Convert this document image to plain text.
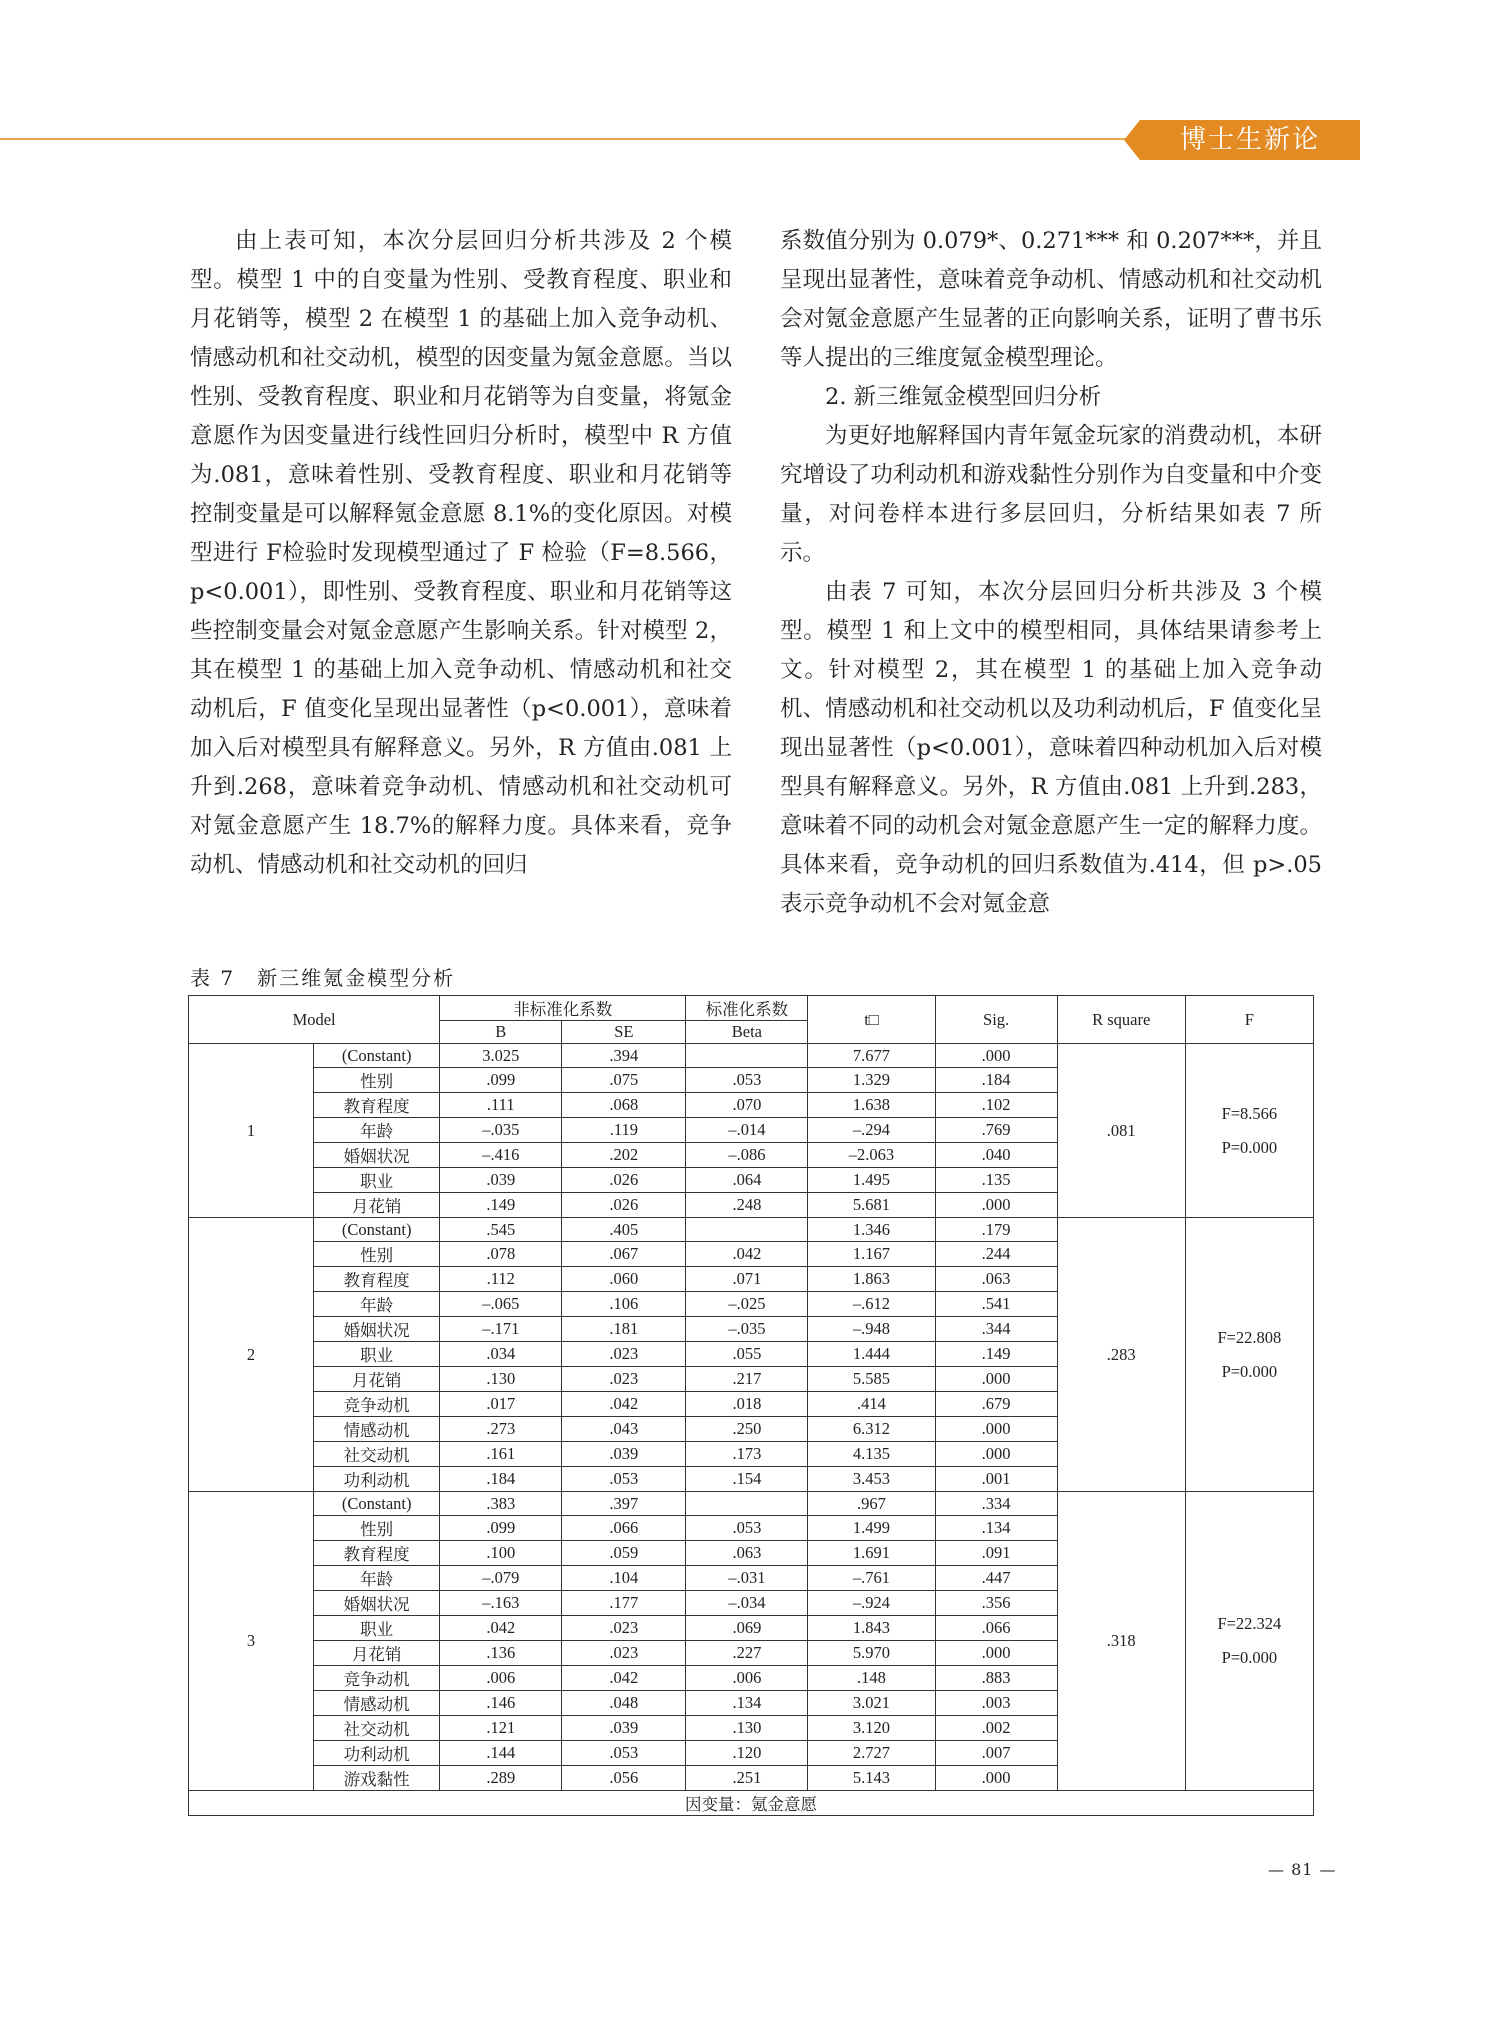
博士生新论

由上表可知，本次分层回归分析共涉及 2 个模型。模型 1 中的自变量为性别、受教育程度、职业和月花销等，模型 2 在模型 1 的基础上加入竞争动机、情感动机和社交动机，模型的因变量为氪金意愿。当以性别、受教育程度、职业和月花销等为自变量，将氪金意愿作为因变量进行线性回归分析时，模型中 R 方值为.081，意味着性别、受教育程度、职业和月花销等控制变量是可以解释氪金意愿 8.1%的变化原因。对模型进行 F检验时发现模型通过了 F 检验（F=8.566，p<0.001），即性别、受教育程度、职业和月花销等这些控制变量会对氪金意愿产生影响关系。针对模型 2，其在模型 1 的基础上加入竞争动机、情感动机和社交动机后，F 值变化呈现出显著性（p<0.001），意味着加入后对模型具有解释意义。另外，R 方值由.081 上升到.268，意味着竞争动机、情感动机和社交动机可对氪金意愿产生 18.7%的解释力度。具体来看，竞争动机、情感动机和社交动机的回归

系数值分别为 0.079*、0.271*** 和 0.207***，并且呈现出显著性，意味着竞争动机、情感动机和社交动机会对氪金意愿产生显著的正向影响关系，证明了曹书乐等人提出的三维度氪金模型理论。

2. 新三维氪金模型回归分析

为更好地解释国内青年氪金玩家的消费动机，本研究增设了功利动机和游戏黏性分别作为自变量和中介变量，对问卷样本进行多层回归，分析结果如表 7 所示。

由表 7 可知，本次分层回归分析共涉及 3 个模型。模型 1 和上文中的模型相同，具体结果请参考上文。针对模型 2，其在模型 1 的基础上加入竞争动机、情感动机和社交动机以及功利动机后，F 值变化呈现出显著性（p<0.001），意味着四种动机加入后对模型具有解释意义。另外，R 方值由.081 上升到.283，意味着不同的动机会对氪金意愿产生一定的解释力度。具体来看，竞争动机的回归系数值为.414，但 p>.05 表示竞争动机不会对氪金意

表 7 新三维氪金模型分析
Model		非标准化系数		标准化系数	t□	Sig.	R square	F
		B	SE	Beta				
1	(Constant)	3.025	.394		7.677	.000	.081	F=8.566
P=0.000

	性别	.099	.075	.053	1.329	.184		
	教育程度	.111	.068	.070	1.638	.102		
	年龄	–.035	.119	–.014	–.294	.769		
	婚姻状况	–.416	.202	–.086	–2.063	.040		
	职业	.039	.026	.064	1.495	.135		
	月花销	.149	.026	.248	5.681	.000		
2	(Constant)	.545	.405		1.346	.179	.283	F=22.808
P=0.000

	性别	.078	.067	.042	1.167	.244		
	教育程度	.112	.060	.071	1.863	.063		
	年龄	–.065	.106	–.025	–.612	.541		
	婚姻状况	–.171	.181	–.035	–.948	.344		
	职业	.034	.023	.055	1.444	.149		
	月花销	.130	.023	.217	5.585	.000		
	竞争动机	.017	.042	.018	.414	.679		
	情感动机	.273	.043	.250	6.312	.000		
	社交动机	.161	.039	.173	4.135	.000		
	功利动机	.184	.053	.154	3.453	.001		
3	(Constant)	.383	.397		.967	.334	.318	F=22.324
P=0.000

	性别	.099	.066	.053	1.499	.134		
	教育程度	.100	.059	.063	1.691	.091		
	年龄	–.079	.104	–.031	–.761	.447		
	婚姻状况	–.163	.177	–.034	–.924	.356		
	职业	.042	.023	.069	1.843	.066		
	月花销	.136	.023	.227	5.970	.000		
	竞争动机	.006	.042	.006	.148	.883		
	情感动机	.146	.048	.134	3.021	.003		
	社交动机	.121	.039	.130	3.120	.002		
	功利动机	.144	.053	.120	2.727	.007		
	游戏黏性	.289	.056	.251	5.143	.000		
因变量：氪金意愿								
— 81 —
